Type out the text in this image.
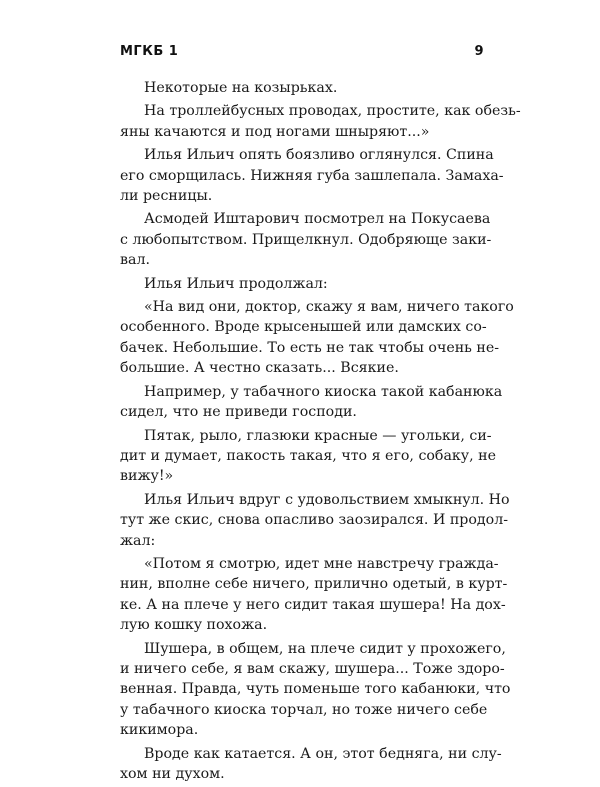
МГКБ 1	9
Некоторые на козырьках.
На троллейбусных проводах, простите, как обезь-
яны качаются и под ногами шныряют...»
Илья Ильич опять боязливо оглянулся. Спина
его сморщилась. Нижняя губа зашлепала. Замаха-
ли ресницы.
Асмодей Иштарович посмотрел на Покусаева
с любопытством. Прищелкнул. Одобряюще заки-
вал.
Илья Ильич продолжал:
«На вид они, доктор, скажу я вам, ничего такого
особенного. Вроде крысенышей или дамских со-
бачек. Небольшие. То есть не так чтобы очень не-
большие. А честно сказать... Всякие.
Например, у табачного киоска такой кабанюка
сидел, что не приведи господи.
Пятак, рыло, глазюки красные — угольки, си-
дит и думает, пакость такая, что я его, собаку, не
вижу!»
Илья Ильич вдруг с удовольствием хмыкнул. Но
тут же скис, снова опасливо заозирался. И продол-
жал:
«Потом я смотрю, идет мне навстречу гражда-
нин, вполне себе ничего, прилично одетый, в курт-
ке. А на плече у него сидит такая шушера! На дох-
лую кошку похожа.
Шушера, в общем, на плече сидит у прохожего,
и ничего себе, я вам скажу, шушера... Тоже здоро-
венная. Правда, чуть поменьше того кабанюки, что
у табачного киоска торчал, но тоже ничего себе
кикимора.
Вроде как катается. А он, этот бедняга, ни слу-
хом ни духом.
